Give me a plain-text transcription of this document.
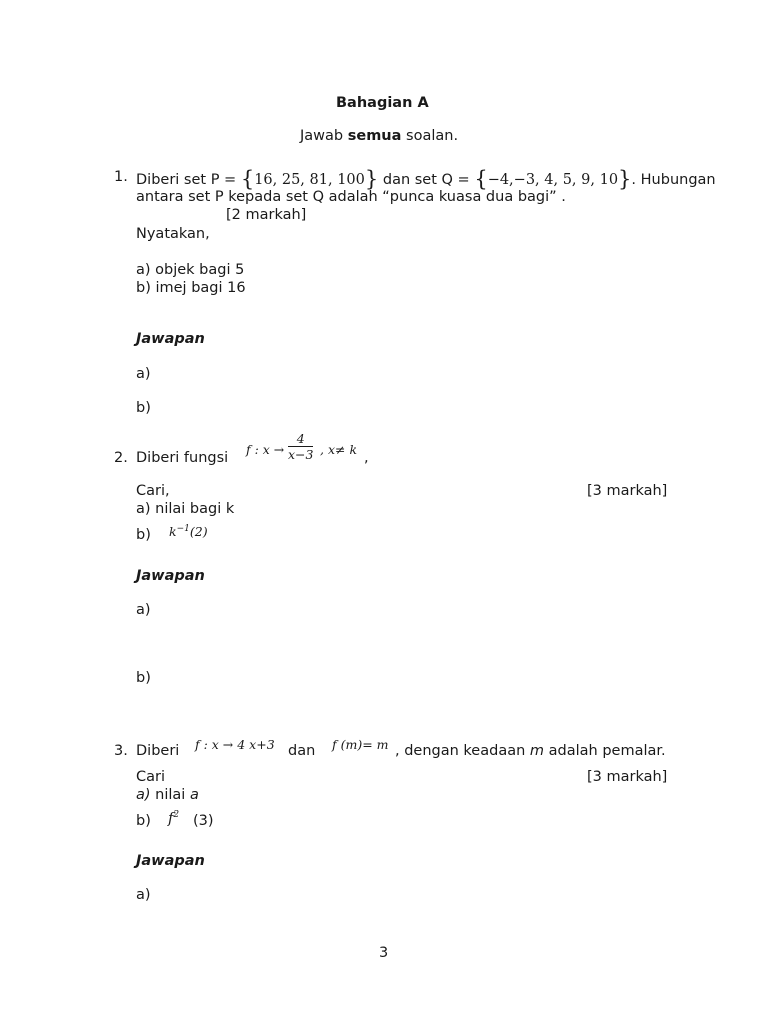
Bahagian A
Jawab semua soalan.
1. Diberi set P = {16, 25, 81, 100} dan set Q = {−4,−3, 4, 5, 9, 10}. Hubungan
antara set P kepada set Q adalah “punca kuasa dua bagi” .
[2 markah]
Nyatakan,
a) objek bagi 5
b) imej bagi 16
Jawapan
a)
b)
2. Diberi fungsi
f : $x \to \frac{4}{x-3}$ , x≠ k
,
Cari,	[3 markah]
a) nilai bagi k
b) $k^{-1}(2)$
Jawapan
a)
b)
3. Diberi f : x → 4 x+3 dan f (m)= m , dengan keadaan m adalah pemalar.
Cari	[3 markah]
a) nilai a
b) $f^2$ (3)
Jawapan
a)
3
